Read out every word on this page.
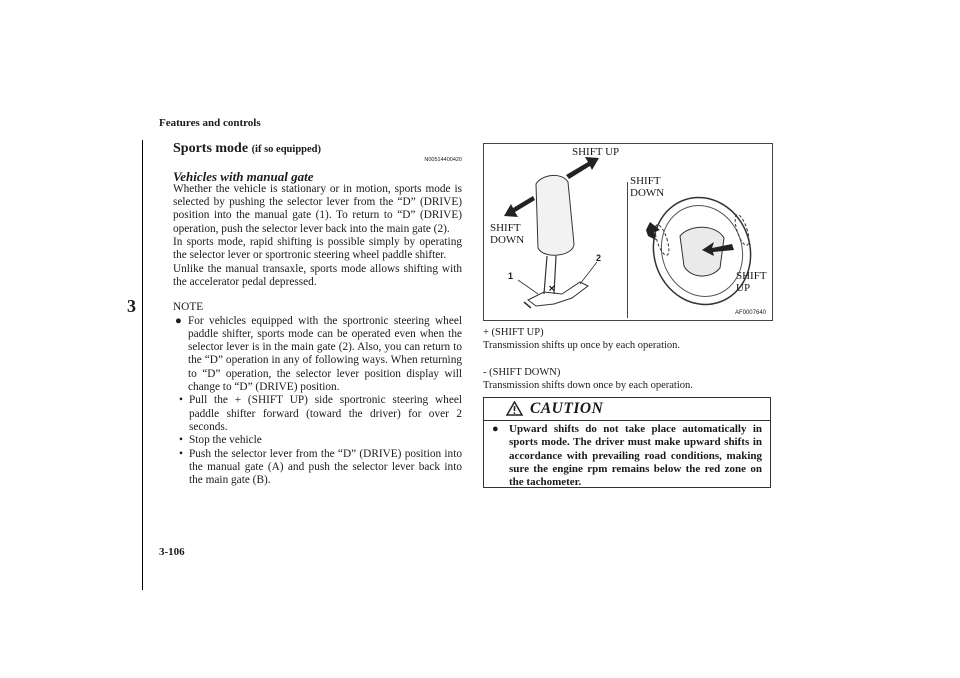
Features and controls
3
Sports mode (if so equipped)
N00514400420
Vehicles with manual gate
Whether the vehicle is stationary or in motion, sports mode is selected by pushing the selector lever from the “D” (DRIVE) position into the manual gate (1). To return to “D” (DRIVE) operation, push the selector lever back into the main gate (2).
In sports mode, rapid shifting is possible simply by operating the selector lever or sportronic steering wheel paddle shifter.
Unlike the manual transaxle, sports mode allows shifting with the accelerator pedal depressed.
NOTE
● For vehicles equipped with the sportronic steering wheel paddle shifter, sports mode can be operated even when the selector lever is in the main gate (2). Also, you can return to the “D” operation in any of following ways. When returning to “D” operation, the selector lever position display will change to “D” (DRIVE) position.
• Pull the + (SHIFT UP) side sportronic steering wheel paddle shifter forward (toward the driver) for over 2 seconds.
• Stop the vehicle
• Push the selector lever from the “D” (DRIVE) position into the manual gate (A) and push the selector lever back into the main gate (B).
×
SHIFT UP
SHIFT
DOWN
SHIFT
DOWN
SHIFT
UP
1
2
AF0007640
+ (SHIFT UP)
Transmission shifts up once by each operation.
- (SHIFT DOWN)
Transmission shifts down once by each operation.
CAUTION
● Upward shifts do not take place automatically in sports mode. The driver must make upward shifts in accordance with prevailing road conditions, making sure the engine rpm remains below the red zone on the tachometer.
3-106
